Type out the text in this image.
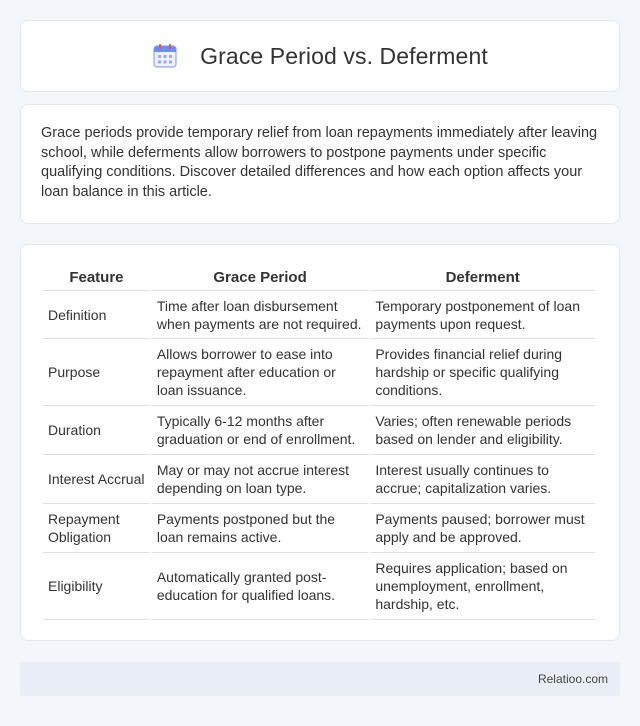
Grace Period vs. Deferment

Grace periods provide temporary relief from loan repayments immediately after leaving school, while deferments allow borrowers to postpone payments under specific qualifying conditions. Discover detailed differences and how each option affects your loan balance in this article.

Feature	Grace Period	Deferment
Definition	Time after loan disbursement when payments are not required.	Temporary postponement of loan payments upon request.
Purpose	Allows borrower to ease into repayment after education or loan issuance.	Provides financial relief during hardship or specific qualifying conditions.
Duration	Typically 6-12 months after graduation or end of enrollment.	Varies; often renewable periods based on lender and eligibility.
Interest Accrual	May or may not accrue interest depending on loan type.	Interest usually continues to accrue; capitalization varies.
Repayment Obligation	Payments postponed but the loan remains active.	Payments paused; borrower must apply and be approved.
Eligibility	Automatically granted post-education for qualified loans.	Requires application; based on unemployment, enrollment, hardship, etc.
Relatioo.com
